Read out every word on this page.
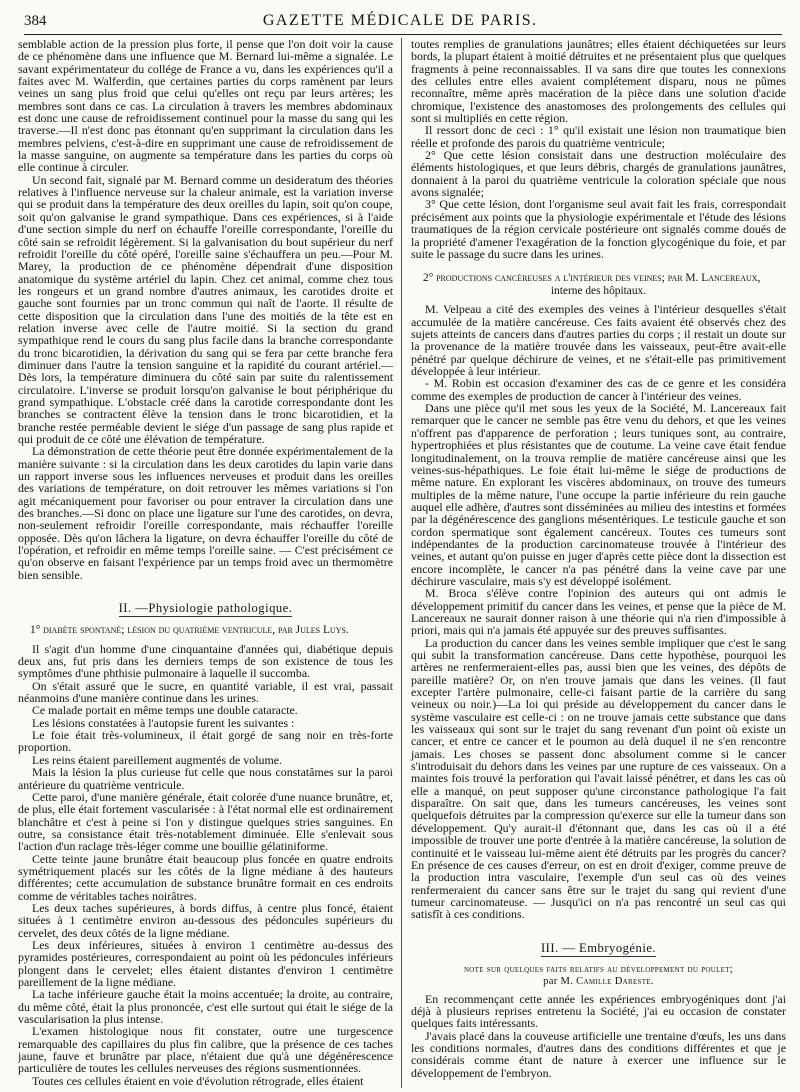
384	GAZETTE MÉDICALE DE PARIS.

semblable action de la pression plus forte, il pense que l'on doit voir la cause de ce phénomène dans une influence que M. Bernard lui-même a signalée. Le savant expérimentateur du collége de France a vu, dans les expériences qu'il a faites avec M. Walferdin, que certaines parties du corps ramènent par leurs veines un sang plus froid que celui qu'elles ont reçu par leurs artères; les membres sont dans ce cas. La circulation à travers les membres abdominaux est donc une cause de refroidissement continuel pour la masse du sang qui les traverse.—Il n'est donc pas étonnant qu'en supprimant la circulation dans les membres pelviens, c'est-à-dire en supprimant une cause de refroidissement de la masse sanguine, on augmente sa température dans les parties du corps où elle continue à circuler.

Un second fait, signalé par M. Bernard comme un desideratum des théories relatives à l'influence nerveuse sur la chaleur animale, est la variation inverse qui se produit dans la température des deux oreilles du lapin, soit qu'on coupe, soit qu'on galvanise le grand sympathique. Dans ces expériences, si à l'aide d'une section simple du nerf on échauffe l'oreille correspondante, l'oreille du côté sain se refroidit légèrement. Si la galvanisation du bout supérieur du nerf refroidit l'oreille du côté opéré, l'oreille saine s'échauffera un peu.—Pour M. Marey, la production de ce phénomène dépendrait d'une disposition anatomique du système artériel du lapin. Chez cet animal, comme chez tous les rongeurs et un grand nombre d'autres animaux, les carotides droite et gauche sont fournies par un tronc commun qui naît de l'aorte. Il résulte de cette disposition que la circulation dans l'une des moitiés de la tête est en relation inverse avec celle de l'autre moitié. Si la section du grand sympathique rend le cours du sang plus facile dans la branche correspondante du tronc bicarotidien, la dérivation du sang qui se fera par cette branche fera diminuer dans l'autre la tension sanguine et la rapidité du courant artériel.—Dès lors, la température diminuera du côté sain par suite du ralentissement circulatoire. L'inverse se produit lorsqu'on galvanise le bout périphérique du grand sympathique. L'obstacle créé dans la carotide correspondante dont les branches se contractent élève la tension dans le tronc bicarotidien, et la branche restée perméable devient le siége d'un passage de sang plus rapide et qui produit de ce côté une élévation de température.

La démonstration de cette théorie peut être donnée expérimentalement de la manière suivante : si la circulation dans les deux carotides du lapin varie dans un rapport inverse sous les influences nerveuses et produit dans les oreilles des variations de température, on doit retrouver les mêmes variations si l'on agit mécaniquement pour favoriser ou pour entraver la circulation dans une des branches.—Si donc on place une ligature sur l'une des carotides, on devra, non-seulement refroidir l'oreille correspondante, mais réchauffer l'oreille opposée. Dès qu'on lâchera la ligature, on devra échauffer l'oreille du côté de l'opération, et refroidir en même temps l'oreille saine. — C'est précisément ce qu'on observe en faisant l'expérience par un temps froid avec un thermomètre bien sensible.

II. —Physiologie pathologique.
1° diabète spontané; lésion du quatrième ventricule, par Jules Luys.

Il s'agit d'un homme d'une cinquantaine d'années qui, diabétique depuis deux ans, fut pris dans les derniers temps de son existence de tous les symptômes d'une phthisie pulmonaire à laquelle il succomba.

On s'était assuré que le sucre, en quantité variable, il est vrai, passait néanmoins d'une manière continue dans les urines.

Ce malade portait en même temps une double cataracte.

Les lésions constatées à l'autopsie furent les suivantes :

Le foie était très-volumineux, il était gorgé de sang noir en très-forte proportion.

Les reins étaient pareillement augmentés de volume.

Mais la lésion la plus curieuse fut celle que nous constatâmes sur la paroi antérieure du quatrième ventricule.

Cette paroi, d'une manière générale, était colorée d'une nuance brunâtre, et, de plus, elle était fortement vascularisée : à l'état normal elle est ordinairement blanchâtre et c'est à peine si l'on y distingue quelques stries sanguines. En outre, sa consistance était très-notablement diminuée. Elle s'enlevait sous l'action d'un raclage très-léger comme une bouillie gélatiniforme.

Cette teinte jaune brunâtre était beaucoup plus foncée en quatre endroits symétriquement placés sur les côtés de la ligne médiane à des hauteurs différentes; cette accumulation de substance brunâtre formait en ces endroits comme de véritables taches noirâtres.

Les deux taches supérieures, à bords diffus, à centre plus foncé, étaient situées à 1 centimètre environ au-dessous des pédoncules supérieurs du cervelet, des deux côtés de la ligne médiane.

Les deux inférieures, situées à environ 1 centimètre au-dessus des pyramides postérieures, correspondaient au point où les pédoncules inférieurs plongent dans le cervelet; elles étaient distantes d'environ 1 centimètre pareillement de la ligne médiane.

La tache inférieure gauche était la moins accentuée; la droite, au contraire, du même côté, était la plus prononcée, c'est elle surtout qui était le siége de la vascularisation la plus intense.

L'examen histologique nous fit constater, outre une turgescence remarquable des capillaires du plus fin calibre, que la présence de ces taches jaune, fauve et brunâtre par place, n'étaient due qu'à une dégénérescence particulière de toutes les cellules nerveuses des régions susmentionnées.

Toutes ces cellules étaient en voie d'évolution rétrograde, elles étaient

toutes remplies de granulations jaunâtres; elles étaient déchiquetées sur leurs bords, la plupart étaient à moitié détruites et ne présentaient plus que quelques fragments à peine reconnaissables. Il va sans dire que toutes les connexions des cellules entre elles avaient complétement disparu, nous ne pûmes reconnaître, même après macération de la pièce dans une solution d'acide chromique, l'existence des anastomoses des prolongements des cellules qui sont si multipliés en cette région.

Il ressort donc de ceci : 1° qu'il existait une lésion non traumatique bien réelle et profonde des parois du quatrième ventricule;

2° Que cette lésion consistait dans une destruction moléculaire des éléments histologiques, et que leurs débris, chargés de granulations jaunâtres, donnaient à la paroi du quatrième ventricule la coloration spéciale que nous avons signalée;

3° Que cette lésion, dont l'organisme seul avait fait les frais, correspondait précisément aux points que la physiologie expérimentale et l'étude des lésions traumatiques de la région cervicale postérieure ont signalés comme doués de la propriété d'amener l'exagération de la fonction glycogénique du foie, et par suite le passage du sucre dans les urines.

2° productions cancéreuses a l'intérieur des veines; par M. Lancereaux,
interne des hôpitaux.

M. Velpeau a cité des exemples des veines à l'intérieur desquelles s'était accumulée de la matière cancéreuse. Ces faits avaient été observés chez des sujets atteints de cancers dans d'autres parties du corps ; il restait un doute sur la provenance de la matière trouvée dans les vaisseaux, peut-être avait-elle pénétré par quelque déchirure de veines, et ne s'était-elle pas primitivement développée à leur intérieur.

- M. Robin est occasion d'examiner des cas de ce genre et les considéra comme des exemples de production de cancer à l'intérieur des veines.

Dans une pièce qu'il met sous les yeux de la Société, M. Lancereaux fait remarquer que le cancer ne semble pas être venu du dehors, et que les veines n'offrent pas d'apparence de perforation ; leurs tuniques sont, au contraire, hypertrophiées et plus résistantes que de coutume. La veine cave était fendue longitudinalement, on la trouva remplie de matière cancéreuse ainsi que les veines-sus-hépathiques. Le foie était lui-même le siége de productions de même nature. En explorant les viscères abdominaux, on trouve des tumeurs multiples de la même nature, l'une occupe la partie inférieure du rein gauche auquel elle adhère, d'autres sont disséminées au milieu des intestins et formées par la dégénérescence des ganglions mésentériques. Le testicule gauche et son cordon spermatique sont également cancéreux. Toutes ces tumeurs sont indépendantes de la production carcinomateuse trouvée à l'intérieur des veines, et autant qu'on puisse en juger d'après cette pièce dont la dissection est encore incomplète, le cancer n'a pas pénétré dans la veine cave par une déchirure vasculaire, mais s'y est développé isolément.

M. Broca s'élève contre l'opinion des auteurs qui ont admis le développement primitif du cancer dans les veines, et pense que la pièce de M. Lancereaux ne saurait donner raison à une théorie qui n'a rien d'impossible à priori, mais qui n'a jamais été appuyée sur des preuves suffisantes.

La production du cancer dans les veines semble impliquer que c'est le sang qui subit la transformation cancéreuse. Dans cette hypothèse, pourquoi les artères ne renfermeraient-elles pas, aussi bien que les veines, des dépôts de pareille matière? Or, on n'en trouve jamais que dans les veines. (Il faut excepter l'artère pulmonaire, celle-ci faisant partie de la carrière du sang veineux ou noir.)—La loi qui préside au développement du cancer dans le système vasculaire est celle-ci : on ne trouve jamais cette substance que dans les vaisseaux qui sont sur le trajet du sang revenant d'un point où existe un cancer, et entre ce cancer et le poumon au delà duquel il ne s'en rencontre jamais. Les choses se passent donc absolument comme si le cancer s'introduisait du dehors dans les veines par une rupture de ces vaisseaux. On a maintes fois trouvé la perforation qui l'avait laissé pénétrer, et dans les cas où elle a manqué, on peut supposer qu'une circonstance pathologique l'a fait disparaître. On sait que, dans les tumeurs cancéreuses, les veines sont quelquefois détruites par la compression qu'exerce sur elle la tumeur dans son développement. Qu'y aurait-il d'étonnant que, dans les cas où il a été impossible de trouver une porte d'entrée à la matière cancéreuse, la solution de continuité et le vaisseau lui-même aient été détruits par les progrès du cancer? En présence de ces causes d'erreur, on est en droit d'exiger, comme preuve de la production intra vasculaire, l'exemple d'un seul cas où des veines renfermeraient du cancer sans être sur le trajet du sang qui revient d'une tumeur carcinomateuse. — Jusqu'ici on n'a pas rencontré un seul cas qui satisfît à ces conditions.

III. — Embryogénie.
note sur quelques faits relatifs au développement du poulet;
par M. Camille Dareste.

En recommençant cette année les expériences embryogéniques dont j'ai déjà à plusieurs reprises entretenu la Société, j'ai eu occasion de constater quelques faits intéressants.

J'avais placé dans la couveuse artificielle une trentaine d'œufs, les uns dans les conditions normales, d'autres dans des conditions différentes et que je considérais comme étant de nature à exercer une influence sur le développement de l'embryon.
